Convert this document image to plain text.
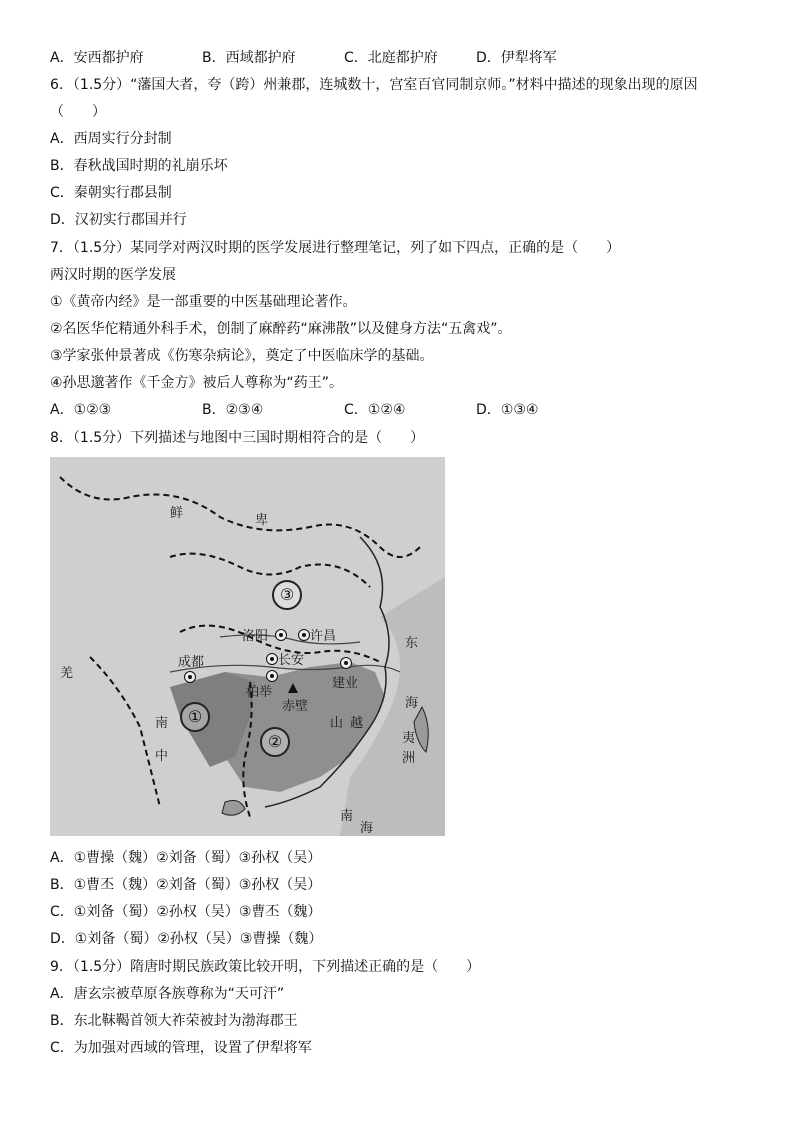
A．安西都护府	B．西域都护府	C．北庭都护府	D．伊犁将军
6．（1.5分）“藩国大者，夸（跨）州兼郡，连城数十，宫室百官同制京师。”材料中描述的现象出现的原因
（　　）
A．西周实行分封制
B．春秋战国时期的礼崩乐坏
C．秦朝实行郡县制
D．汉初实行郡国并行
7．（1.5分）某同学对两汉时期的医学发展进行整理笔记，列了如下四点，正确的是（　　）
两汉时期的医学发展
①《黄帝内经》是一部重要的中医基础理论著作。
②名医华佗精通外科手术，创制了麻醉药“麻沸散”以及健身方法“五禽戏”。
③学家张仲景著成《伤寒杂病论》，奠定了中医临床学的基础。
④孙思邈著作《千金方》被后人尊称为“药王”。
A．①②③	B．②③④	C．①②④	D．①③④
8．（1.5分）下列描述与地图中三国时期相符合的是（　　）
鲜	卑
羌
南
中
山 越
东
海
夷
洲
南
海
③
①
②
洛阳	许昌
成都	长安
建业
柏举
赤壁
A．①曹操（魏）②刘备（蜀）③孙权（吴）
B．①曹丕（魏）②刘备（蜀）③孙权（吴）
C．①刘备（蜀）②孙权（吴）③曹丕（魏）
D．①刘备（蜀）②孙权（吴）③曹操（魏）
9．（1.5分）隋唐时期民族政策比较开明，下列描述正确的是（　　）
A．唐玄宗被草原各族尊称为“天可汗”
B．东北靺鞨首领大祚荣被封为渤海郡王
C．为加强对西域的管理，设置了伊犁将军
